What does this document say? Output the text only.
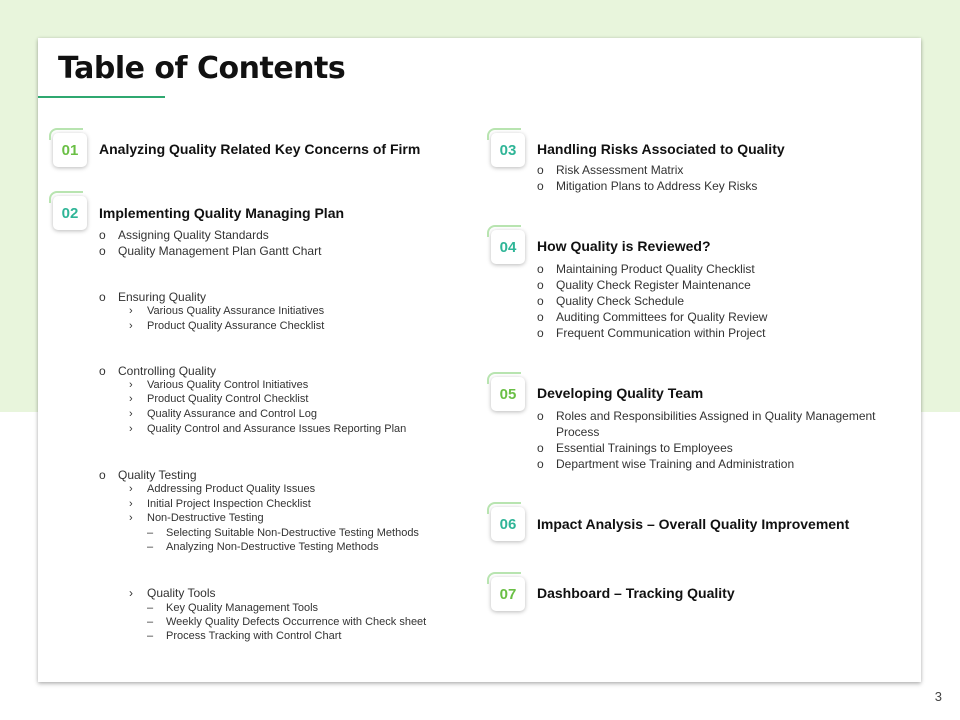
Table of Contents
01	Analyzing Quality Related Key Concerns of Firm
02	Implementing Quality Managing Plan
o Assigning Quality Standards
o Quality Management Plan Gantt Chart
o Ensuring Quality
› Various Quality Assurance Initiatives
› Product Quality Assurance Checklist
o Controlling Quality
› Various Quality Control Initiatives
› Product Quality Control Checklist
› Quality Assurance and Control Log
› Quality Control and Assurance Issues Reporting Plan
o Quality Testing
› Addressing Product Quality Issues
› Initial Project Inspection Checklist
› Non-Destructive Testing
– Selecting Suitable Non-Destructive Testing Methods
– Analyzing Non-Destructive Testing Methods
› Quality Tools
– Key Quality Management Tools
– Weekly Quality Defects Occurrence with Check sheet
– Process Tracking with Control Chart
03	Handling Risks Associated to Quality
o Risk Assessment Matrix
o Mitigation Plans to Address Key Risks
04	How Quality is Reviewed?
o Maintaining Product Quality Checklist
o Quality Check Register Maintenance
o Quality Check Schedule
o Auditing Committees for Quality Review
o Frequent Communication within Project
05	Developing Quality Team
o Roles and Responsibilities Assigned in Quality Management
Process
o Essential Trainings to Employees
o Department wise Training and Administration
06	Impact Analysis – Overall Quality Improvement
07	Dashboard – Tracking Quality
3
